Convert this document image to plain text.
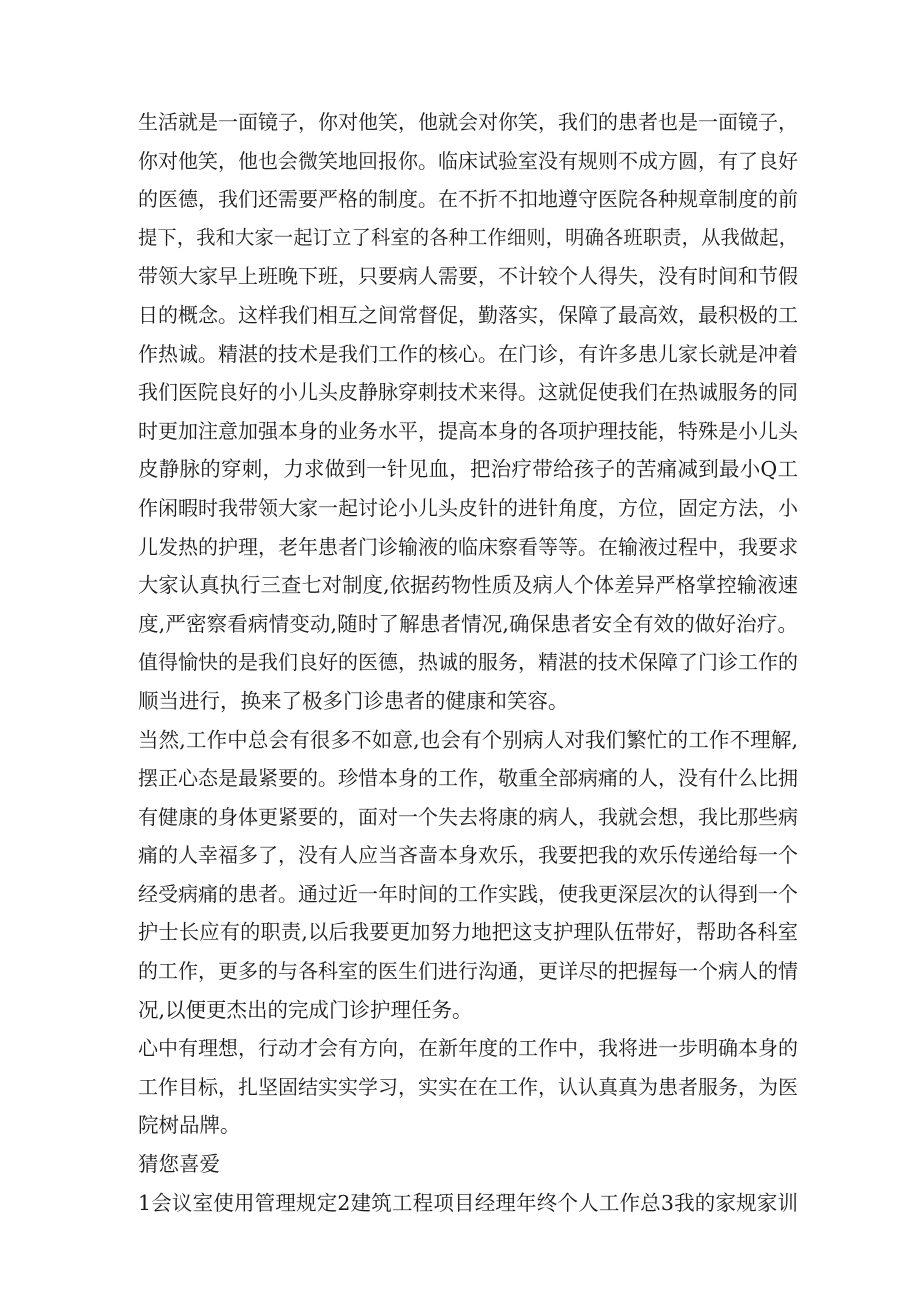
生活就是一面镜子，你对他笑，他就会对你笑，我们的患者也是一面镜子，
你对他笑，他也会微笑地回报你。临床试验室没有规则不成方圆，有了良好
的医德，我们还需要严格的制度。在不折不扣地遵守医院各种规章制度的前
提下，我和大家一起订立了科室的各种工作细则，明确各班职责，从我做起，
带领大家早上班晚下班，只要病人需要，不计较个人得失，没有时间和节假
日的概念。这样我们相互之间常督促，勤落实，保障了最高效，最积极的工
作热诚。精湛的技术是我们工作的核心。在门诊，有许多患儿家长就是冲着
我们医院良好的小儿头皮静脉穿刺技术来得。这就促使我们在热诚服务的同
时更加注意加强本身的业务水平，提高本身的各项护理技能，特殊是小儿头
皮静脉的穿刺，力求做到一针见血，把治疗带给孩子的苦痛减到最小Q工
作闲暇时我带领大家一起讨论小儿头皮针的进针角度，方位，固定方法，小
儿发热的护理，老年患者门诊输液的临床察看等等。在输液过程中，我要求
大家认真执行三查七对制度,依据药物性质及病人个体差异严格掌控输液速
度,严密察看病情变动,随时了解患者情况,确保患者安全有效的做好治疗。
值得愉快的是我们良好的医德，热诚的服务，精湛的技术保障了门诊工作的
顺当进行，换来了极多门诊患者的健康和笑容。
当然,工作中总会有很多不如意,也会有个别病人对我们繁忙的工作不理解,
摆正心态是最紧要的。珍惜本身的工作，敬重全部病痛的人，没有什么比拥
有健康的身体更紧要的，面对一个失去将康的病人，我就会想，我比那些病
痛的人幸福多了，没有人应当吝啬本身欢乐，我要把我的欢乐传递给每一个
经受病痛的患者。通过近一年时间的工作实践，使我更深层次的认得到一个
护士长应有的职责,以后我要更加努力地把这支护理队伍带好，帮助各科室
的工作，更多的与各科室的医生们进行沟通，更详尽的把握每一个病人的情
况,以便更杰出的完成门诊护理任务。
心中有理想，行动才会有方向，在新年度的工作中，我将进一步明确本身的
工作目标，扎坚固结实实学习，实实在在工作，认认真真为患者服务，为医
院树品牌。
猜您喜爱
1会议室使用管理规定2建筑工程项目经理年终个人工作总3我的家规家训
